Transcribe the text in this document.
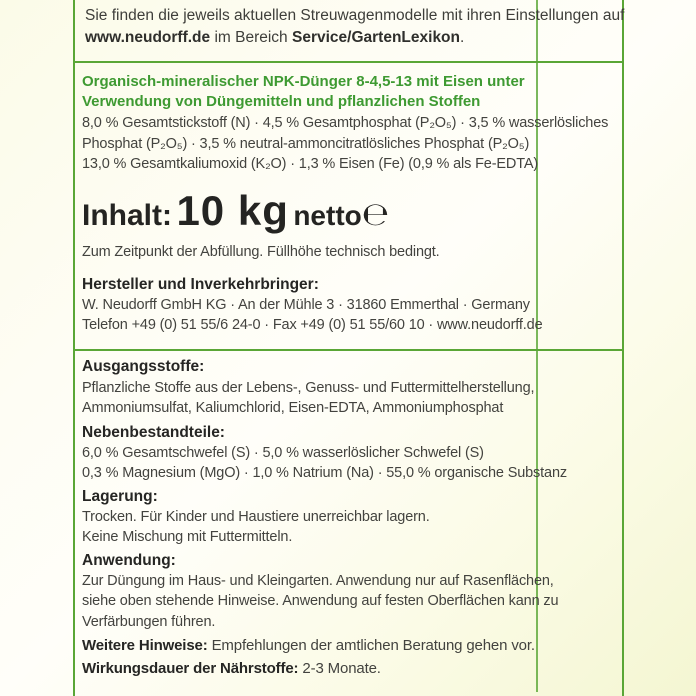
Sie finden die jeweils aktuellen Streuwagenmodelle mit ihren Einstellungen auf
www.neudorff.de im Bereich Service/GartenLexikon.
Organisch-mineralischer NPK-Dünger 8-4,5-13 mit Eisen unter
Verwendung von Düngemitteln und pflanzlichen Stoffen
8,0 % Gesamtstickstoff (N) · 4,5 % Gesamtphosphat (P₂O₅) · 3,5 % wasserlösliches
Phosphat (P₂O₅) · 3,5 % neutral-ammoncitratlösliches Phosphat (P₂O₅)
13,0 % Gesamtkaliumoxid (K₂O) · 1,3 % Eisen (Fe) (0,9 % als Fe-EDTA)
Inhalt: 10 kg netto℮
Zum Zeitpunkt der Abfüllung. Füllhöhe technisch bedingt.
Hersteller und Inverkehrbringer:
W. Neudorff GmbH KG · An der Mühle 3 · 31860 Emmerthal · Germany
Telefon +49 (0) 51 55/6 24-0 · Fax +49 (0) 51 55/60 10 · www.neudorff.de
Ausgangsstoffe:
Pflanzliche Stoffe aus der Lebens-, Genuss- und Futtermittelherstellung,
Ammoniumsulfat, Kaliumchlorid, Eisen-EDTA, Ammoniumphosphat
Nebenbestandteile:
6,0 % Gesamtschwefel (S) · 5,0 % wasserlöslicher Schwefel (S)
0,3 % Magnesium (MgO) · 1,0 % Natrium (Na) · 55,0 % organische Substanz
Lagerung:
Trocken. Für Kinder und Haustiere unerreichbar lagern.
Keine Mischung mit Futtermitteln.
Anwendung:
Zur Düngung im Haus- und Kleingarten. Anwendung nur auf Rasenflächen,
siehe oben stehende Hinweise. Anwendung auf festen Oberflächen kann zu
Verfärbungen führen.
Weitere Hinweise: Empfehlungen der amtlichen Beratung gehen vor.
Wirkungsdauer der Nährstoffe: 2-3 Monate.
